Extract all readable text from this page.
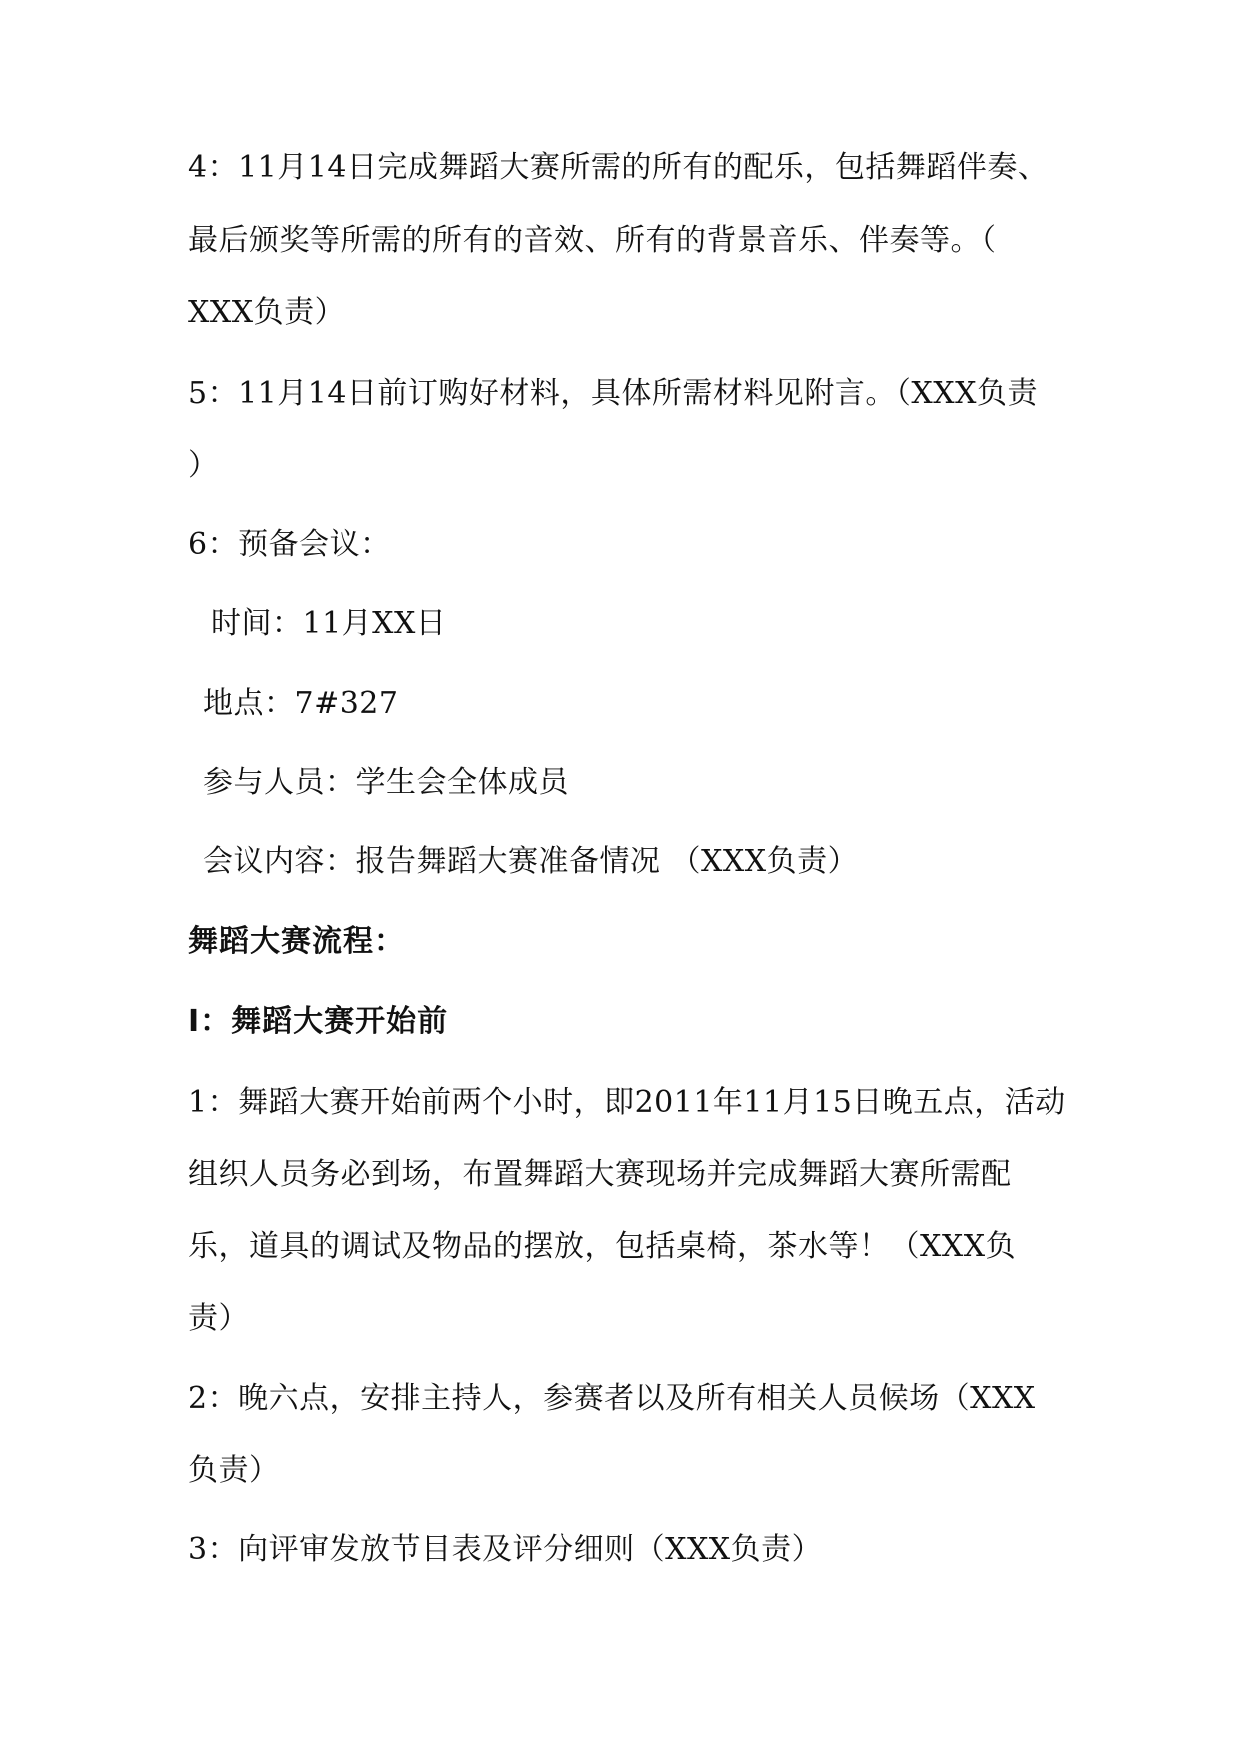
4：11月14日完成舞蹈大赛所需的所有的配乐，包括舞蹈伴奏、
最后颁奖等所需的所有的音效、所有的背景音乐、伴奏等。（
XXX负责）
5：11月14日前订购好材料，具体所需材料见附言。（XXX负责
）
6：预备会议：
时间：11月XX日
地点：7#327
参与人员：学生会全体成员
会议内容：报告舞蹈大赛准备情况 （XXX负责）
舞蹈大赛流程：
I：舞蹈大赛开始前
1：舞蹈大赛开始前两个小时，即2011年11月15日晚五点，活动
组织人员务必到场，布置舞蹈大赛现场并完成舞蹈大赛所需配
乐，道具的调试及物品的摆放，包括桌椅，茶水等！（XXX负
责）
2：晚六点，安排主持人，参赛者以及所有相关人员候场（XXX
负责）
3：向评审发放节目表及评分细则（XXX负责）
